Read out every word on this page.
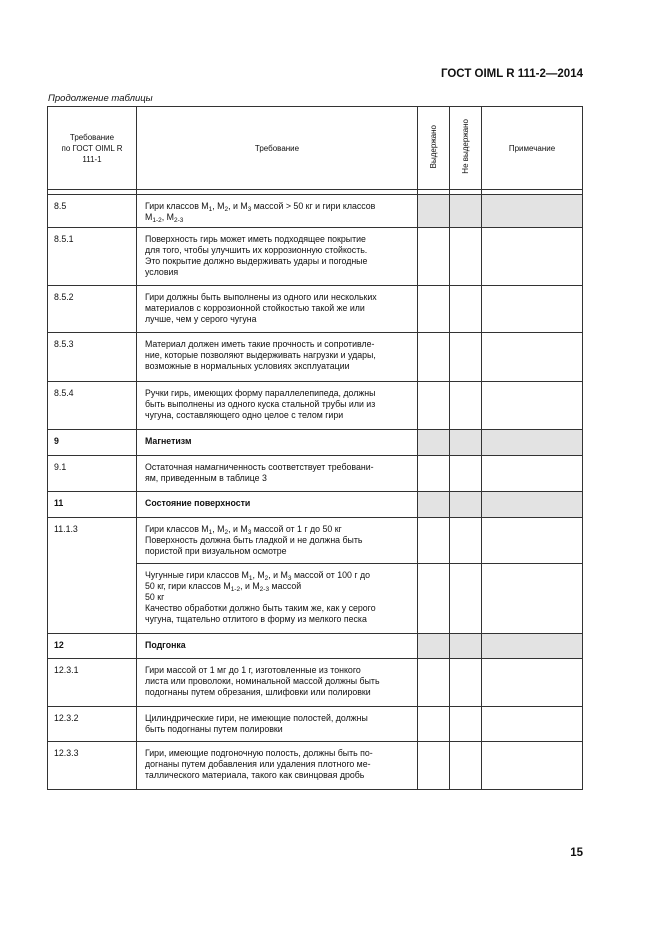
ГОСТ OIML R 111-2—2014
Продолжение таблицы
Требование
по ГОСТ OIML R
111-1	Требование	Выдержано	Не выдержано	Примечание

8.5	Гири классов $M_1$, $M_2$, и $M_3$ массой > 50 кг и гири классов
$M_{1-2}$, $M_{2-3}$			
8.5.1	Поверхность гирь может иметь подходящее покрытие
для того, чтобы улучшить их коррозионную стойкость.
Это покрытие должно выдерживать удары и погодные
условия			

8.5.2	Гири должны быть выполнены из одного или нескольких
материалов с коррозионной стойкостью такой же или
лучше, чем у серого чугуна			

8.5.3	Материал должен иметь такие прочность и сопротивле-
ние, которые позволяют выдерживать нагрузки и удары,
возможные в нормальных условиях эксплуатации			

8.5.4	Ручки гирь, имеющих форму параллелепипеда, должны
быть выполнены из одного куска стальной трубы или из
чугуна, составляющего одно целое с телом гири			

9	Магнетизм			
9.1	Остаточная намагниченность соответствует требовани-
ям, приведенным в таблице 3			

11	Состояние поверхности			
11.1.3	Гири классов $M_1$, $M_2$, и $M_3$ массой от 1 г до 50 кг
Поверхность должна быть гладкой и не должна быть
пористой при визуальном осмотре			

	Чугунные гири классов $M_1$, $M_2$, и $M_3$ массой от 100 г до
50 кг, гири классов $M_{1-2}$, и $M_{2-3}$ массой
50 кг
Качество обработки должно быть таким же, как у серого
чугуна, тщательно отлитого в форму из мелкого песка			

12	Подгонка			
12.3.1	Гири массой от 1 мг до 1 г, изготовленные из тонкого
листа или проволоки, номинальной массой должны быть
подогнаны путем обрезания, шлифовки или полировки			

12.3.2	Цилиндрические гири, не имеющие полостей, должны
быть подогнаны путем полировки			

12.3.3	Гири, имеющие подгоночную полость, должны быть по-
догнаны путем добавления или удаления плотного ме-
таллического материала, такого как свинцовая дробь			

15
